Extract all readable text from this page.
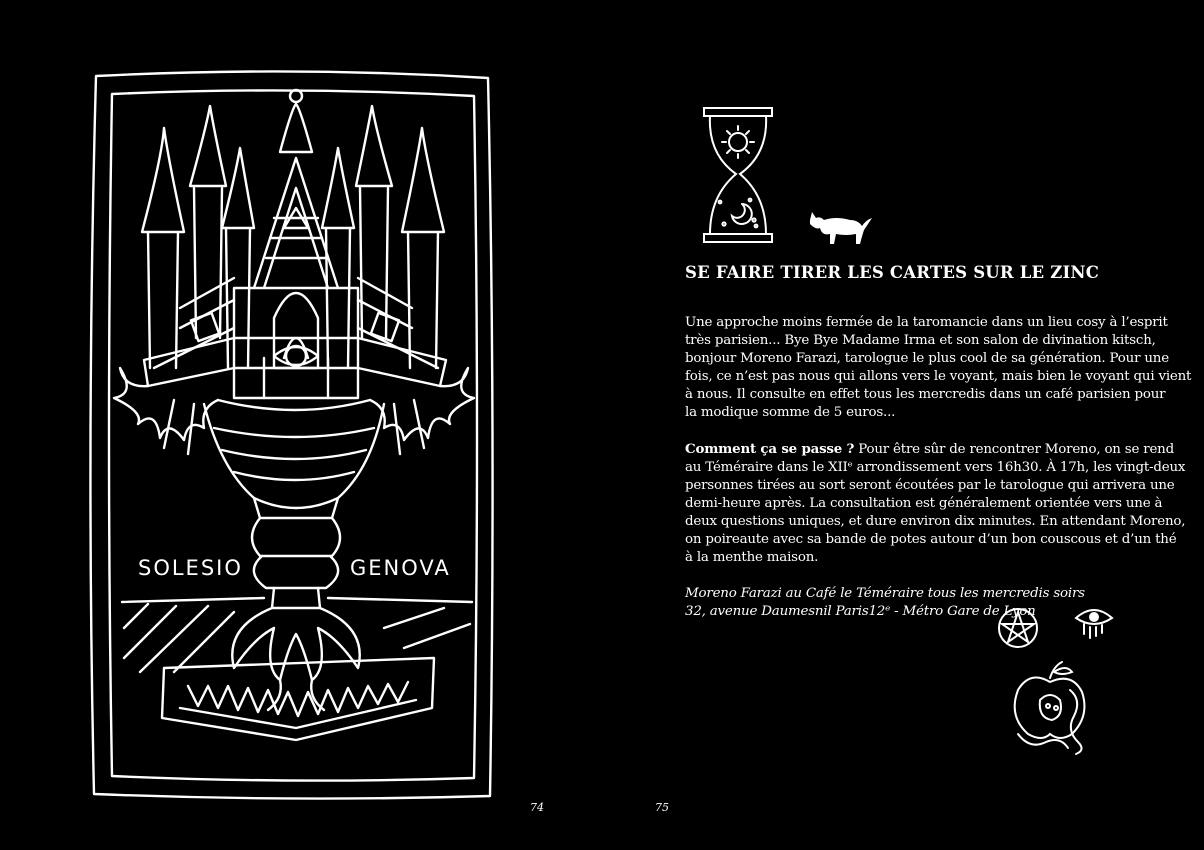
SOLESIO	GENOVA
SE FAIRE TIRER LES CARTES SUR LE ZINC

Une approche moins fermée de la taromancie dans un lieu cosy à l’esprit
très parisien... Bye Bye Madame Irma et son salon de divination kitsch,
bonjour Moreno Farazi, tarologue le plus cool de sa génération. Pour une
fois, ce n’est pas nous qui allons vers le voyant, mais bien le voyant qui vient
à nous. Il consulte en effet tous les mercredis dans un café parisien pour
la modique somme de 5 euros...

Comment ça se passe ? Pour être sûr de rencontrer Moreno, on se rend
au Téméraire dans le XIIᵉ arrondissement vers 16h30. À 17h, les vingt-deux
personnes tirées au sort seront écoutées par le tarologue qui arrivera une
demi-heure après. La consultation est généralement orientée vers une à
deux questions uniques, et dure environ dix minutes. En attendant Moreno,
on poireaute avec sa bande de potes autour d’un bon couscous et d’un thé
à la menthe maison.

Moreno Farazi au Café le Téméraire tous les mercredis soirs
32, avenue Daumesnil Paris12ᵉ - Métro Gare de Lyon

74	75
